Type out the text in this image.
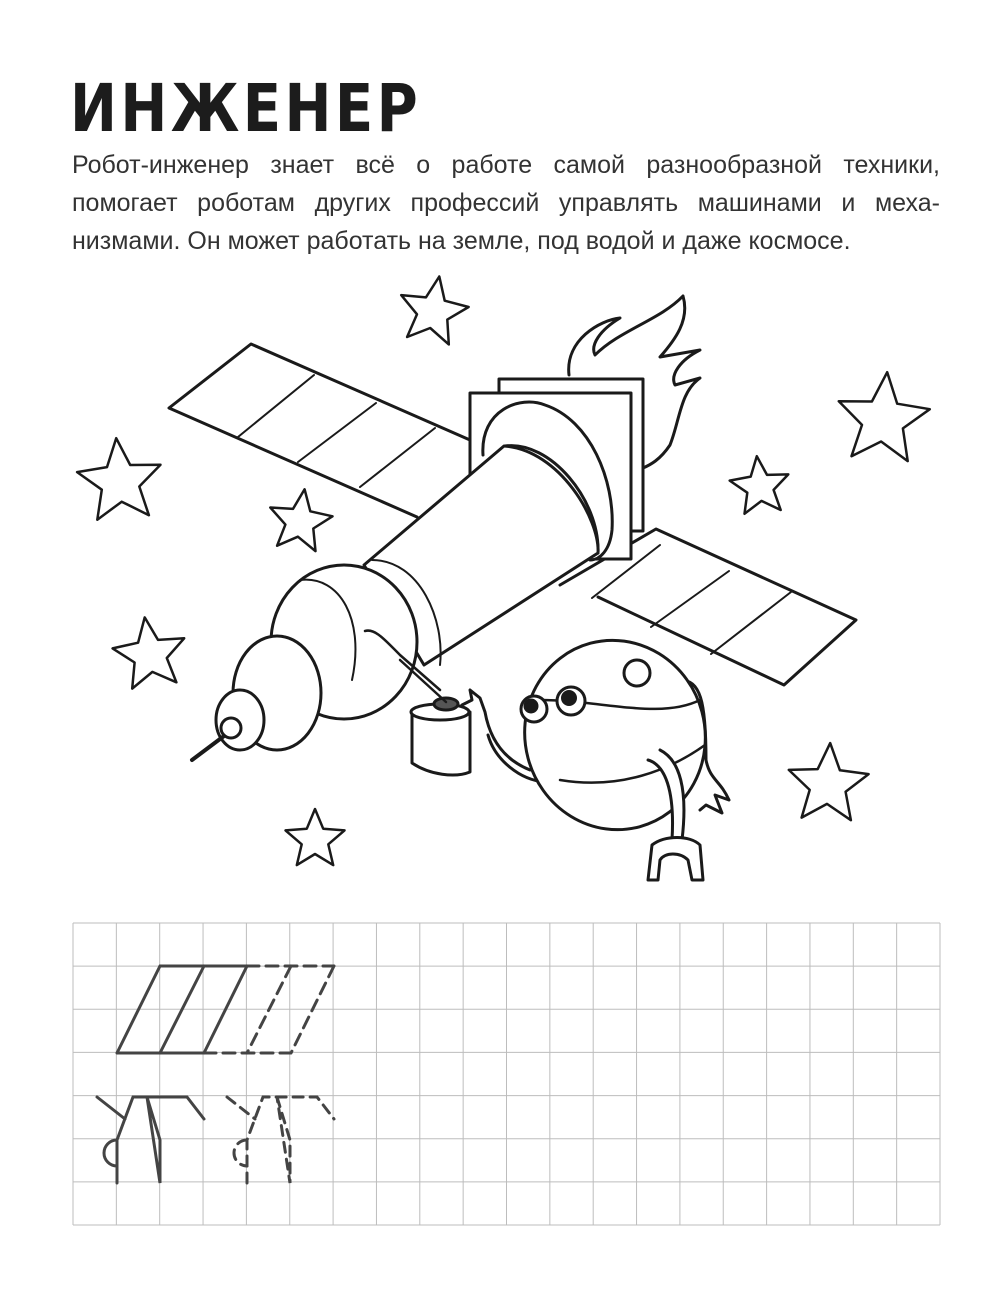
ИНЖЕНЕР
Робот-инженер знает всё о работе самой разнообразной техники,
помогает роботам других профессий управлять машинами и меха-
низмами. Он может работать на земле, под водой и даже космосе.
